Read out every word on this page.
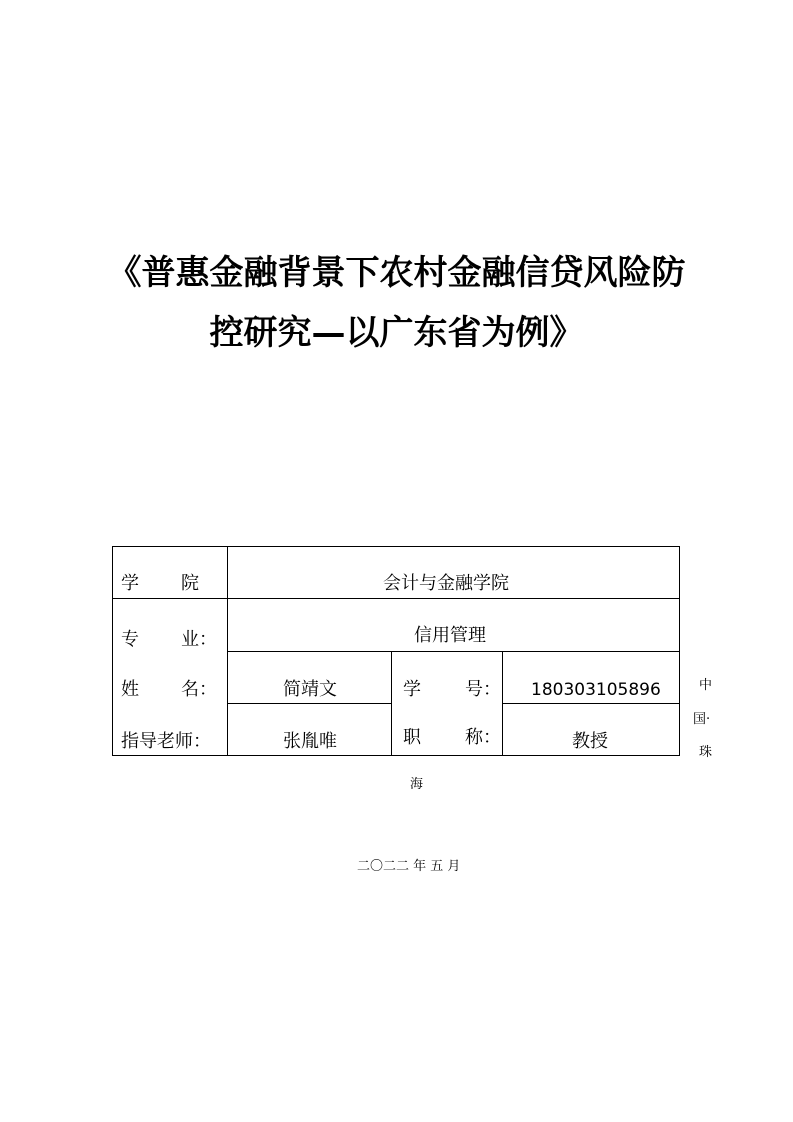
《普惠金融背景下农村金融信贷风险防
控研究—以广东省为例》
学 院	会计与金融学院
专 业：	信用管理
姓 名：	简靖文	学 号： 180303105896
指导老师：	张胤唯	职 称：	教授
中
国·
珠
海
二〇二二 年 五 月
